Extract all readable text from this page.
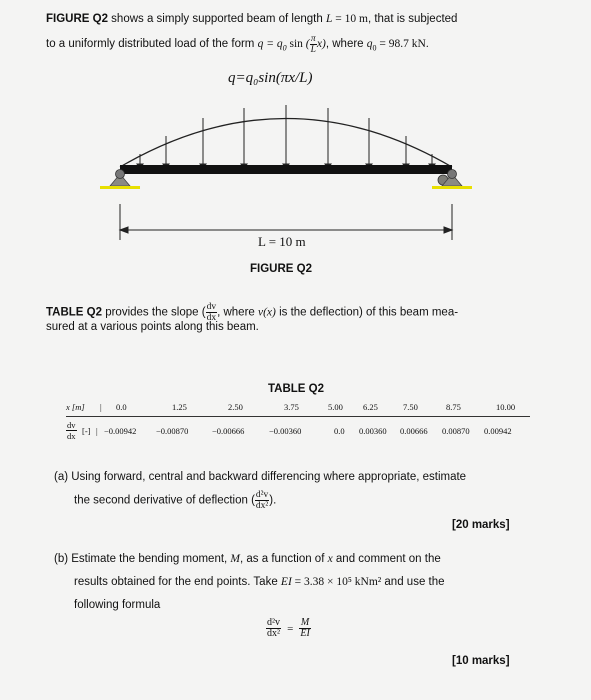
FIGURE Q2 shows a simply supported beam of length L = 10 m, that is subjected
to a uniformly distributed load of the form $q = q_0$ sin ( $\frac{\pi}{L} x$), where $q_0 = 98.7$ kN.
q=q₀sin(πx/L)
L = 10 m
FIGURE Q2
TABLE Q2 provides the slope ( $\frac{dv}{dx}$ , where v(x) is the deflection) of this beam mea-
sured at a various points along this beam.
TABLE Q2
x [m] | 0.0	1.25	2.50	3.75	5.00 6.25	7.50	8.75	10.00
$\frac{dv}{dx}$ [-] | −0.00942 −0.00870	−0.00666	−0.00360	0.0 0.00360 0.00666 0.00870 0.00942
(a) Using forward, central and backward differencing where appropriate, estimate
the second derivative of deflection ( $\frac{\text{d²v}}{\text{dx²}}$ ).
[20 marks]
(b) Estimate the bending moment, M, as a function of x and comment on the
results obtained for the end points. Take EI = 3.38 × 10⁵ kNm² and use the
following formula
$\frac{\text{d²v}}{\text{dx²}} = \frac{M}{EI}$
[10 marks]
